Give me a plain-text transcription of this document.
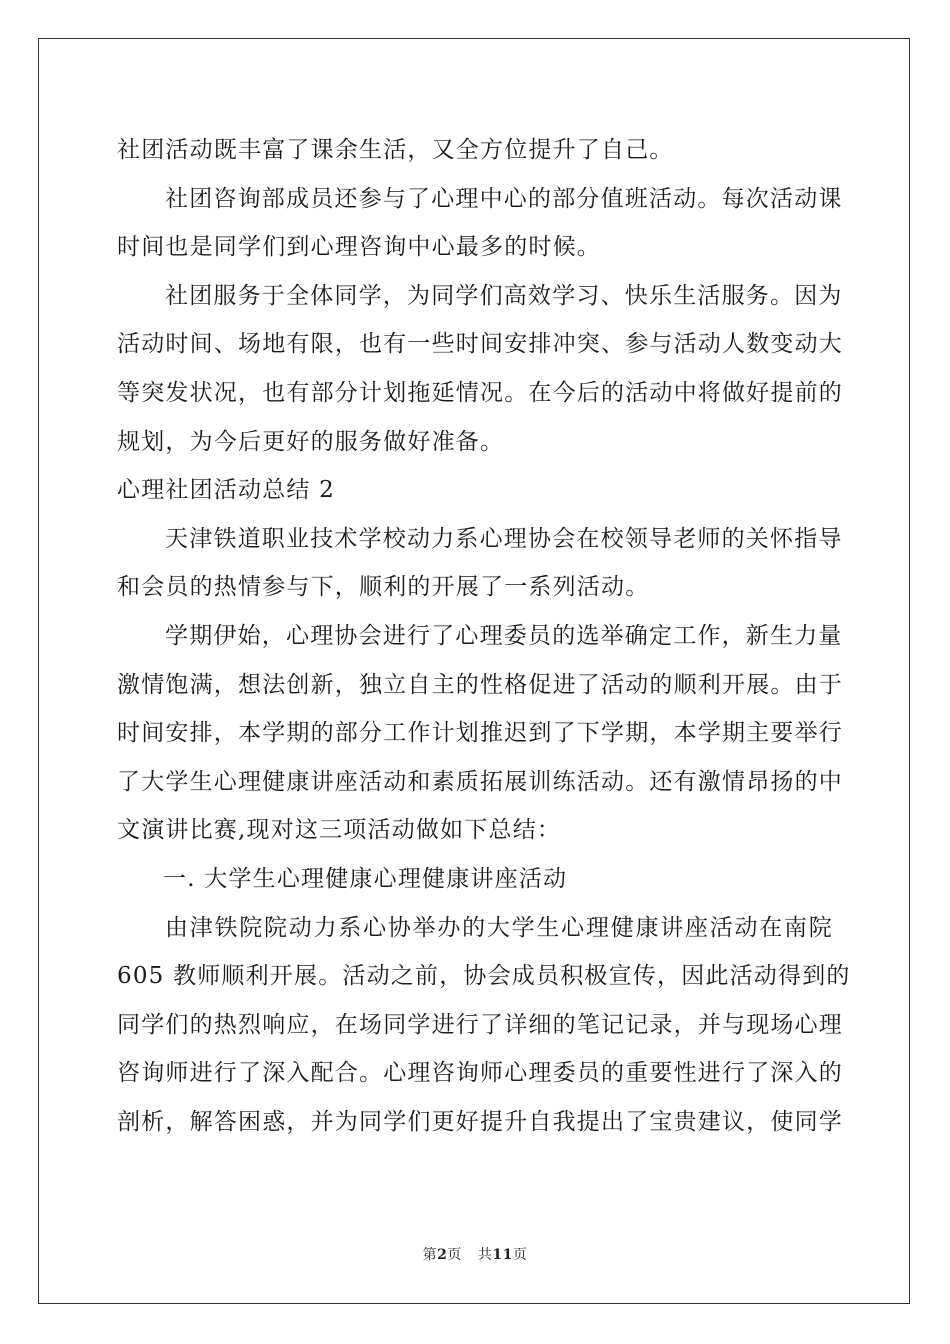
社团活动既丰富了课余生活，又全方位提升了自己。
社团咨询部成员还参与了心理中心的部分值班活动。每次活动课
时间也是同学们到心理咨询中心最多的时候。
社团服务于全体同学，为同学们高效学习、快乐生活服务。因为
活动时间、场地有限，也有一些时间安排冲突、参与活动人数变动大
等突发状况，也有部分计划拖延情况。在今后的活动中将做好提前的
规划，为今后更好的服务做好准备。
心理社团活动总结 2
天津铁道职业技术学校动力系心理协会在校领导老师的关怀指导
和会员的热情参与下，顺利的开展了一系列活动。
学期伊始，心理协会进行了心理委员的选举确定工作，新生力量
激情饱满，想法创新，独立自主的性格促进了活动的顺利开展。由于
时间安排，本学期的部分工作计划推迟到了下学期，本学期主要举行
了大学生心理健康讲座活动和素质拓展训练活动。还有激情昂扬的中
文演讲比赛,现对这三项活动做如下总结：
一. 大学生心理健康心理健康讲座活动
由津铁院院动力系心协举办的大学生心理健康讲座活动在南院
605 教师顺利开展。活动之前，协会成员积极宣传，因此活动得到的
同学们的热烈响应，在场同学进行了详细的笔记记录，并与现场心理
咨询师进行了深入配合。心理咨询师心理委员的重要性进行了深入的
剖析，解答困惑，并为同学们更好提升自我提出了宝贵建议，使同学
第2页 共11页
